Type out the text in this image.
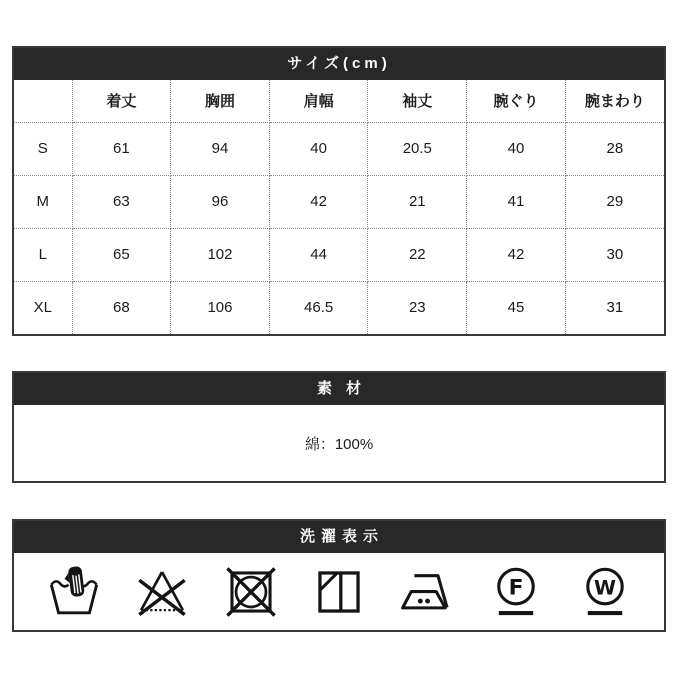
サイズ(cm)
	着丈	胸囲	肩幅	袖丈	腕ぐり	腕まわり
S	61	94	40	20.5	40	28
M	63	96	42	21	41	29
L	65	102	44	22	42	30
XL	68	106	46.5	23	45	31
素材
綿：100%
洗濯表示
F	W
